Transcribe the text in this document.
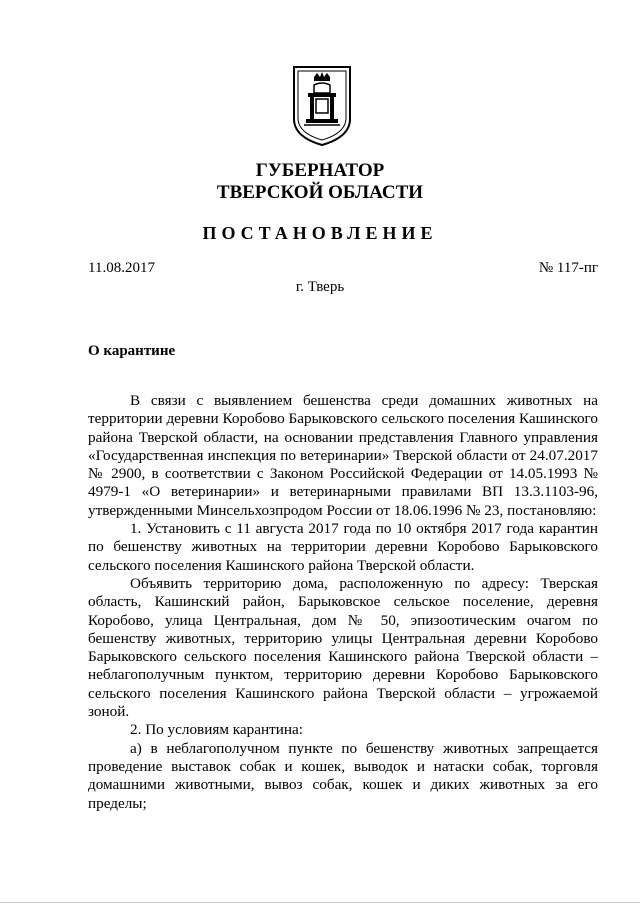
ГУБЕРНАТОР
ТВЕРСКОЙ ОБЛАСТИ
ПОСТАНОВЛЕНИЕ
11.08.2017	№ 117-пг
г. Тверь
О карантине

В связи с выявлением бешенства среди домашних животных на территории деревни Коробово Барыковского сельского поселения Кашинского района Тверской области, на основании представления Главного управления «Государственная инспекция по ветеринарии» Тверской области от 24.07.2017 № 2900, в соответствии с Законом Российской Федерации от 14.05.1993 № 4979-1 «О ветеринарии» и ветеринарными правилами ВП 13.3.1103-96, утвержденными Минсельхозпродом России от 18.06.1996 № 23, постановляю:

1. Установить с 11 августа 2017 года по 10 октября 2017 года карантин по бешенству животных на территории деревни Коробово Барыковского сельского поселения Кашинского района Тверской области.

Объявить территорию дома, расположенную по адресу: Тверская область, Кашинский район, Барыковское сельское поселение, деревня Коробово, улица Центральная, дом № 50, эпизоотическим очагом по бешенству животных, территорию улицы Центральная деревни Коробово Барыковского сельского поселения Кашинского района Тверской области – неблагополучным пунктом, территорию деревни Коробово Барыковского сельского поселения Кашинского района Тверской области – угрожаемой зоной.

2. По условиям карантина:

а) в неблагополучном пункте по бешенству животных запрещается проведение выставок собак и кошек, выводок и натаски собак, торговля домашними животными, вывоз собак, кошек и диких животных за его пределы;
